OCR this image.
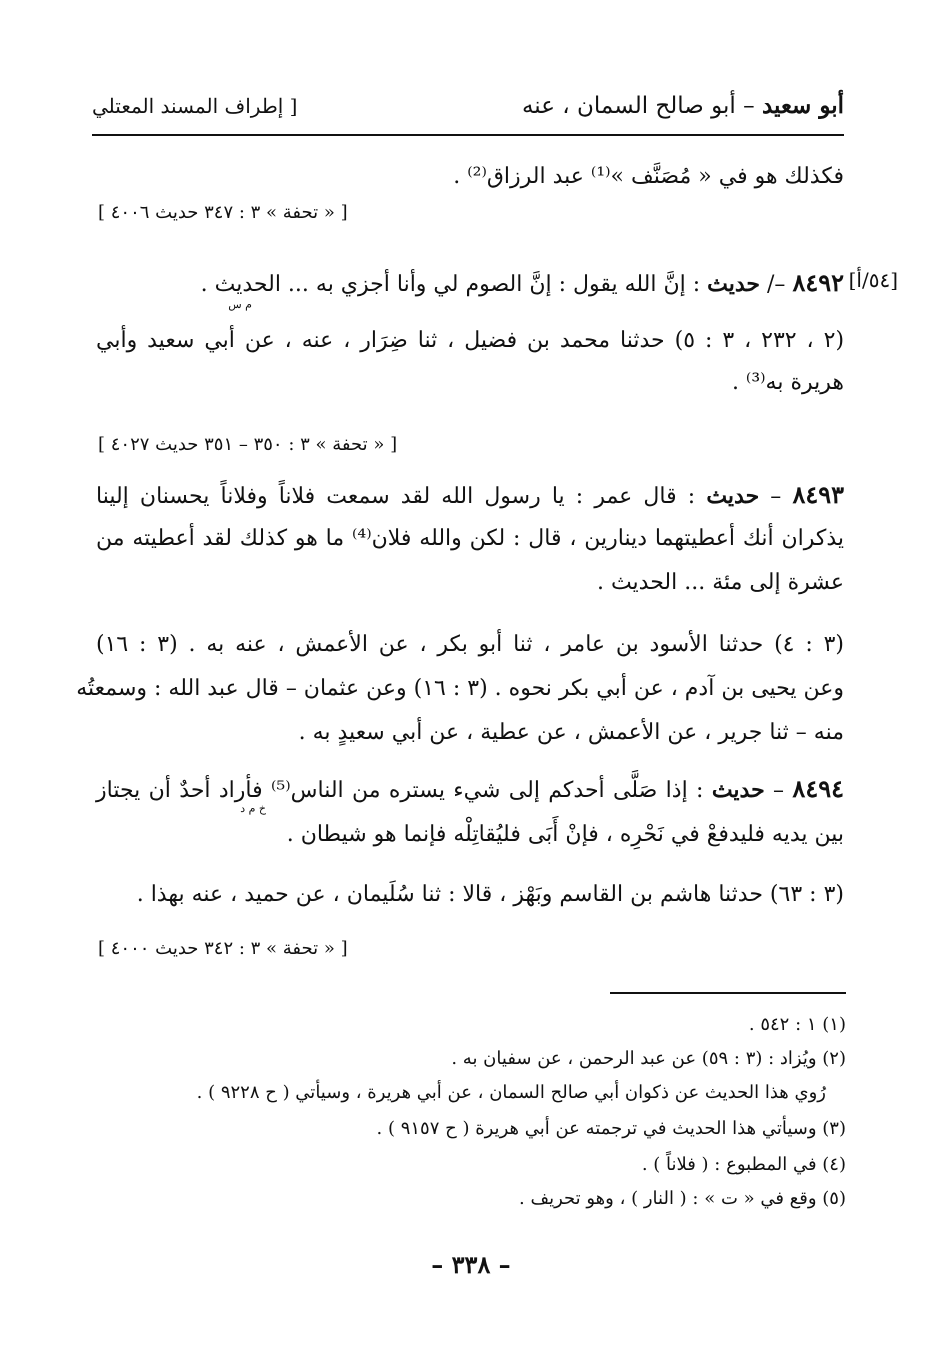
أبو سعيد – أبو صالح السمان ، عنه
[ إطراف المسند المعتلي
فكذلك هو في « مُصَنَّف »⁽¹⁾ عبد الرزاق⁽²⁾ .
[ « تحفة » ٣ : ٣٤٧ حديث ٤٠٠٦ ]
[٥٤/أ]
٨٤٩٢ –/ حديث : إنَّ الله يقول : إنَّ الصوم لي وأنا أجزي به ... الحديث .
م س
(٢ ، ٢٣٢ ، ٣ : ٥) حدثنا محمد بن فضيل ، ثنا ضِرَار ، عنه ، عن أبي سعيد وأبي
هريرة به⁽³⁾ .
[ « تحفة » ٣ : ٣٥٠ – ٣٥١ حديث ٤٠٢٧ ]
٨٤٩٣ – حديث : قال عمر : يا رسول الله لقد سمعت فلاناً وفلاناً يحسنان إلينا
يذكران أنك أعطيتهما دينارين ، قال : لكن والله فلان⁽⁴⁾ ما هو كذلك لقد أعطيته من
عشرة إلى مئة ... الحديث .
(٣ : ٤) حدثنا الأسود بن عامر ، ثنا أبو بكر ، عن الأعمش ، عنه به . (٣ : ١٦)
وعن يحيى بن آدم ، عن أبي بكر نحوه . (٣ : ١٦) وعن عثمان – قال عبد الله : وسمعتُه
منه – ثنا جرير ، عن الأعمش ، عن عطية ، عن أبي سعيدٍ به .
٨٤٩٤ – حديث : إذا صَلَّى أحدكم إلى شيء يستره من الناس⁽⁵⁾ فأراد أحدٌ أن يجتاز
خ م د
بين يديه فليدفعْ في نَحْرِه ، فإنْ أَبَى فليُقاتِلْه فإنما هو شيطان .
(٣ : ٦٣) حدثنا هاشم بن القاسم وبَهْز ، قالا : ثنا سُلَيمان ، عن حميد ، عنه بهذا .
[ « تحفة » ٣ : ٣٤٢ حديث ٤٠٠٠ ]
(١) ١ : ٥٤٢ .
(٢) ويُزاد : (٣ : ٥٩) عن عبد الرحمن ، عن سفيان به .
رُوي هذا الحديث عن ذكوان أبي صالح السمان ، عن أبي هريرة ، وسيأتي ( ح ٩٢٢٨ ) .
(٣) وسيأتي هذا الحديث في ترجمته عن أبي هريرة ( ح ٩١٥٧ ) .
(٤) في المطبوع : ( فلاناً ) .
(٥) وقع في « ت » : ( النار ) ، وهو تحريف .
– ٣٣٨ –
